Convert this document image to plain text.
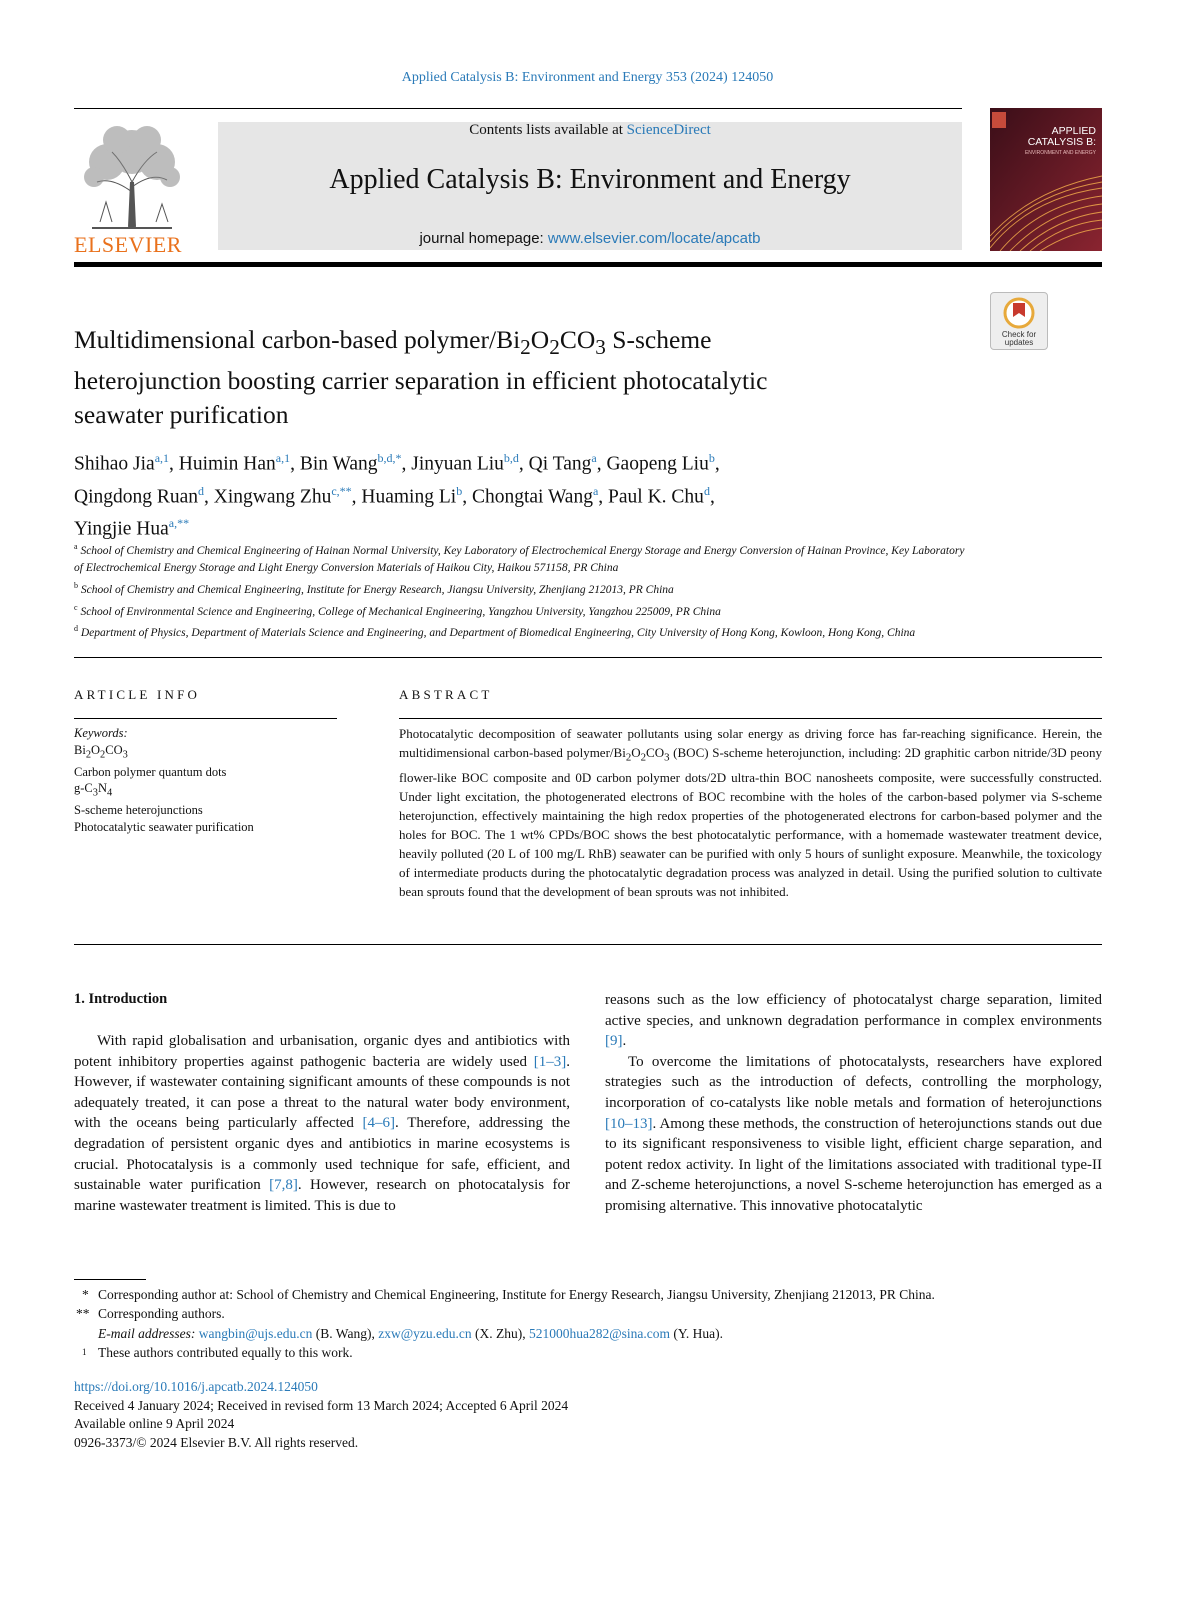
Applied Catalysis B: Environment and Energy 353 (2024) 124050
ELSEVIER
Contents lists available at ScienceDirect
Applied Catalysis B: Environment and Energy
journal homepage: www.elsevier.com/locate/apcatb
APPLIED
CATALYSIS B:
ENVIRONMENT AND ENERGY
Check for updates
Multidimensional carbon-based polymer/$Bi_2O_2CO_3$ S-scheme
heterojunction boosting carrier separation in efficient photocatalytic
seawater purification
Shihao Jia$^{a,1}$, Huimin Han$^{a,1}$, Bin Wang$^{b,d,*}$, Jinyuan Liu$^{b,d}$, Qi Tang$^a$, Gaopeng Liu$^b$,
Qingdong Ruan$^d$, Xingwang Zhu$^{c,**}$, Huaming Li$^b$, Chongtai Wang$^a$, Paul K. Chu$^d$,
Yingjie Hua$^{a,**}$
$^a$ School of Chemistry and Chemical Engineering of Hainan Normal University, Key Laboratory of Electrochemical Energy Storage and Energy Conversion of Hainan Province, Key Laboratory of Electrochemical Energy Storage and Light Energy Conversion Materials of Haikou City, Haikou 571158, PR China
$^b$ School of Chemistry and Chemical Engineering, Institute for Energy Research, Jiangsu University, Zhenjiang 212013, PR China
$^c$ School of Environmental Science and Engineering, College of Mechanical Engineering, Yangzhou University, Yangzhou 225009, PR China
$^d$ Department of Physics, Department of Materials Science and Engineering, and Department of Biomedical Engineering, City University of Hong Kong, Kowloon, Hong Kong, China
ARTICLE INFO	ABSTRACT
Keywords:
$Bi_2O_2CO_3$
Carbon polymer quantum dots
$g-C_3N_4$
S-scheme heterojunctions
Photocatalytic seawater purification
Photocatalytic decomposition of seawater pollutants using solar energy as driving force has far-reaching significance. Herein, the multidimensional carbon-based polymer/$Bi_2O_2CO_3$ (BOC) S-scheme heterojunction, including: 2D graphitic carbon nitride/3D peony flower-like BOC composite and 0D carbon polymer dots/2D ultra-thin BOC nanosheets composite, were successfully constructed. Under light excitation, the photogenerated electrons of BOC recombine with the holes of the carbon-based polymer via S-scheme heterojunction, effectively maintaining the high redox properties of the photogenerated electrons for carbon-based polymer and the holes for BOC. The 1 wt% CPDs/BOC shows the best photocatalytic performance, with a homemade wastewater treatment device, heavily polluted (20 L of 100 mg/L RhB) seawater can be purified with only 5 hours of sunlight exposure. Meanwhile, the toxicology of intermediate products during the photocatalytic degradation process was analyzed in detail. Using the purified solution to cultivate bean sprouts found that the development of bean sprouts was not inhibited.
1. Introduction

With rapid globalisation and urbanisation, organic dyes and antibiotics with potent inhibitory properties against pathogenic bacteria are widely used [1–3]. However, if wastewater containing significant amounts of these compounds is not adequately treated, it can pose a threat to the natural water body environment, with the oceans being particularly affected [4–6]. Therefore, addressing the degradation of persistent organic dyes and antibiotics in marine ecosystems is crucial. Photocatalysis is a commonly used technique for safe, efficient, and sustainable water purification [7,8]. However, research on photocatalysis for marine wastewater treatment is limited. This is due to

reasons such as the low efficiency of photocatalyst charge separation, limited active species, and unknown degradation performance in complex environments [9].

To overcome the limitations of photocatalysts, researchers have explored strategies such as the introduction of defects, controlling the morphology, incorporation of co-catalysts like noble metals and formation of heterojunctions [10–13]. Among these methods, the construction of heterojunctions stands out due to its significant responsiveness to visible light, efficient charge separation, and potent redox activity. In light of the limitations associated with traditional type-II and Z-scheme heterojunctions, a novel S-scheme heterojunction has emerged as a promising alternative. This innovative photocatalytic

* Corresponding author at: School of Chemistry and Chemical Engineering, Institute for Energy Research, Jiangsu University, Zhenjiang 212013, PR China.
** Corresponding authors.
E-mail addresses: wangbin@ujs.edu.cn (B. Wang), zxw@yzu.edu.cn (X. Zhu), 521000hua282@sina.com (Y. Hua).
1 These authors contributed equally to this work.
https://doi.org/10.1016/j.apcatb.2024.124050
Received 4 January 2024; Received in revised form 13 March 2024; Accepted 6 April 2024
Available online 9 April 2024
0926-3373/© 2024 Elsevier B.V. All rights reserved.
